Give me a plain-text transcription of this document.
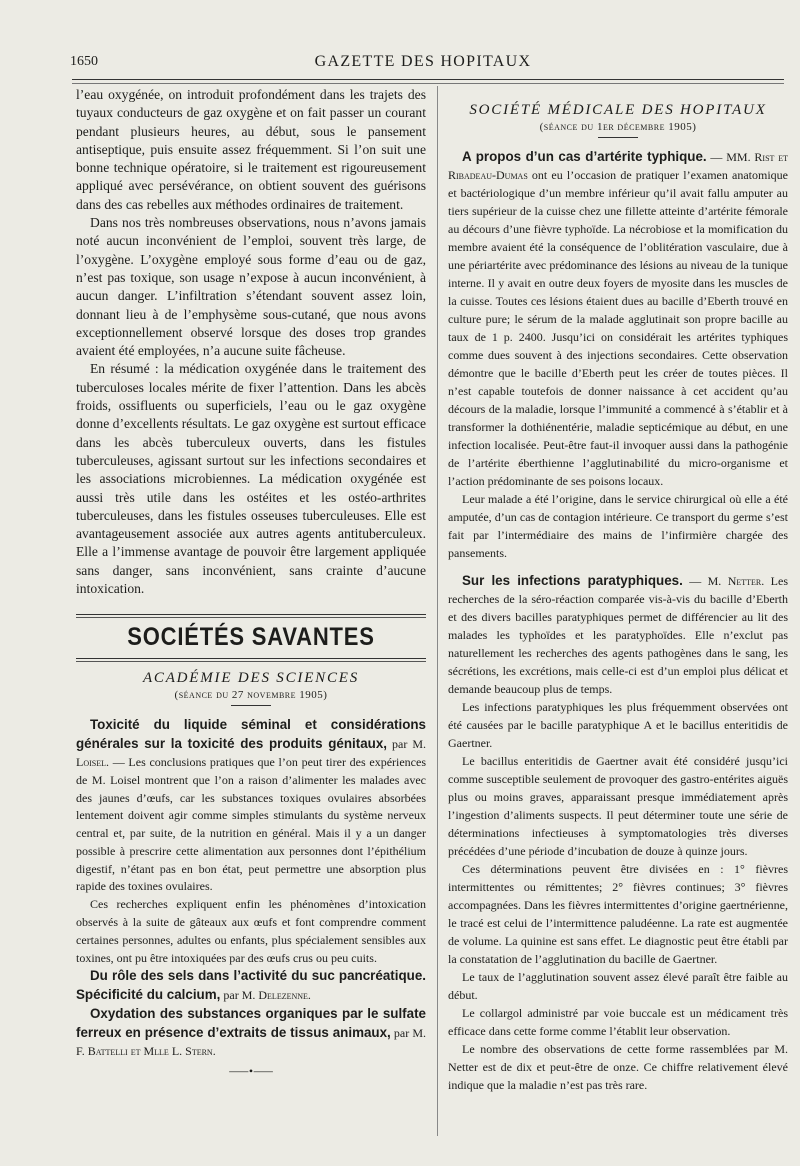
1650	GAZETTE DES HOPITAUX

l’eau oxygénée, on introduit profondément dans les trajets des tuyaux conducteurs de gaz oxygène et on fait passer un courant pendant plusieurs heures, au début, sous le pansement antiseptique, puis ensuite assez fréquemment. Si l’on suit une bonne technique opératoire, si le traitement est rigoureusement appliqué avec persévérance, on obtient souvent des guérisons dans des cas rebelles aux méthodes ordinaires de traitement.

Dans nos très nombreuses observations, nous n’avons jamais noté aucun inconvénient de l’emploi, souvent très large, de l’oxygène. L’oxygène employé sous forme d’eau ou de gaz, n’est pas toxique, son usage n’expose à aucun inconvénient, à aucun danger. L’infiltration s’étendant souvent assez loin, donnant lieu à de l’emphysème sous-cutané, que nous avons exceptionnellement observé lorsque des doses trop grandes avaient été employées, n’a aucune suite fâcheuse.

En résumé : la médication oxygénée dans le traitement des tuberculoses locales mérite de fixer l’attention. Dans les abcès froids, ossifluents ou superficiels, l’eau ou le gaz oxygène donne d’excellents résultats. Le gaz oxygène est surtout efficace dans les abcès tuberculeux ouverts, dans les fistules tuberculeuses, agissant surtout sur les infections secondaires et les associations microbiennes. La médication oxygénée est aussi très utile dans les ostéites et les ostéo-arthrites tuberculeuses, dans les fistules osseuses tuberculeuses. Elle est avantageusement associée aux autres agents antituberculeux. Elle a l’immense avantage de pouvoir être largement appliquée sans danger, sans inconvénient, sans crainte d’aucune intoxication.

SOCIÉTÉS SAVANTES
ACADÉMIE DES SCIENCES
(séance du 27 novembre 1905)

Toxicité du liquide séminal et considérations générales sur la toxicité des produits génitaux, par M. Loisel. — Les conclusions pratiques que l’on peut tirer des expériences de M. Loisel montrent que l’on a raison d’alimenter les malades avec des jaunes d’œufs, car les substances toxiques ovulaires absorbées lentement doivent agir comme simples stimulants du système nerveux central et, par suite, de la nutrition en général. Mais il y a un danger possible à prescrire cette alimentation aux personnes dont l’épithélium digestif, n’étant pas en bon état, peut permettre une absorption plus rapide des toxines ovulaires.

Ces recherches expliquent enfin les phénomènes d’intoxication observés à la suite de gâteaux aux œufs et font comprendre comment certaines personnes, adultes ou enfants, plus spécialement sensibles aux toxines, ont pu être intoxiquées par des œufs crus ou peu cuits.

Du rôle des sels dans l’activité du suc pancréatique. Spécificité du calcium, par M. Delezenne.

Oxydation des substances organiques par le sulfate ferreux en présence d’extraits de tissus animaux, par M. F. Battelli et Mlle L. Stern.

⸺•⸺
SOCIÉTÉ MÉDICALE DES HOPITAUX
(séance du 1er décembre 1905)

A propos d’un cas d’artérite typhique. — MM. Rist et Ribadeau-Dumas ont eu l’occasion de pratiquer l’examen anatomique et bactériologique d’un membre inférieur qu’il avait fallu amputer au tiers supérieur de la cuisse chez une fillette atteinte d’artérite fémorale au décours d’une fièvre typhoïde. La nécrobiose et la momification du membre avaient été la conséquence de l’oblitération vasculaire, due à une périartérite avec prédominance des lésions au niveau de la tunique interne. Il y avait en outre deux foyers de myosite dans les muscles de la cuisse. Toutes ces lésions étaient dues au bacille d’Eberth trouvé en culture pure; le sérum de la malade agglutinait son propre bacille au taux de 1 p. 2400. Jusqu’ici on considérait les artérites typhiques comme dues souvent à des injections secondaires. Cette observation démontre que le bacille d’Eberth peut les créer de toutes pièces. Il n’est capable toutefois de donner naissance à cet accident qu’au décours de la maladie, lorsque l’immunité a commencé à s’établir et à transformer la dothiénentérie, maladie septicémique au début, en une infection localisée. Peut-être faut-il invoquer aussi dans la pathogénie de l’artérite éberthienne l’agglutinabilité du micro-organisme et l’action prédominante de ses poisons locaux.

Leur malade a été l’origine, dans le service chirurgical où elle a été amputée, d’un cas de contagion intérieure. Ce transport du germe s’est fait par l’intermédiaire des mains de l’infirmière chargée des pansements.

Sur les infections paratyphiques. — M. Netter. Les recherches de la séro-réaction comparée vis-à-vis du bacille d’Eberth et des divers bacilles paratyphiques permet de différencier au lit des malades les typhoïdes et les paratyphoïdes. Elle n’exclut pas naturellement les recherches des agents pathogènes dans le sang, les sécrétions, les excrétions, mais celle-ci est d’un emploi plus délicat et demande beaucoup plus de temps.

Les infections paratyphiques les plus fréquemment observées ont été causées par le bacille paratyphique A et le bacillus enteritidis de Gaertner.

Le bacillus enteritidis de Gaertner avait été considéré jusqu’ici comme susceptible seulement de provoquer des gastro-entérites aiguës plus ou moins graves, apparaissant presque immédiatement après l’ingestion d’aliments suspects. Il peut déterminer toute une série de déterminations infectieuses à symptomatologies très diverses précédées d’une période d’incubation de douze à quinze jours.

Ces déterminations peuvent être divisées en : 1° fièvres intermittentes ou rémittentes; 2° fièvres continues; 3° fièvres accompagnées. Dans les fièvres intermittentes d’origine gaertnérienne, le tracé est celui de l’intermittence paludéenne. La rate est augmentée de volume. La quinine est sans effet. Le diagnostic peut être établi par la constatation de l’agglutination du bacille de Gaertner.

Le taux de l’agglutination souvent assez élevé paraît être faible au début.

Le collargol administré par voie buccale est un médicament très efficace dans cette forme comme l’établit leur observation.

Le nombre des observations de cette forme rassemblées par M. Netter est de dix et peut-être de onze. Ce chiffre relativement élevé indique que la maladie n’est pas très rare.
